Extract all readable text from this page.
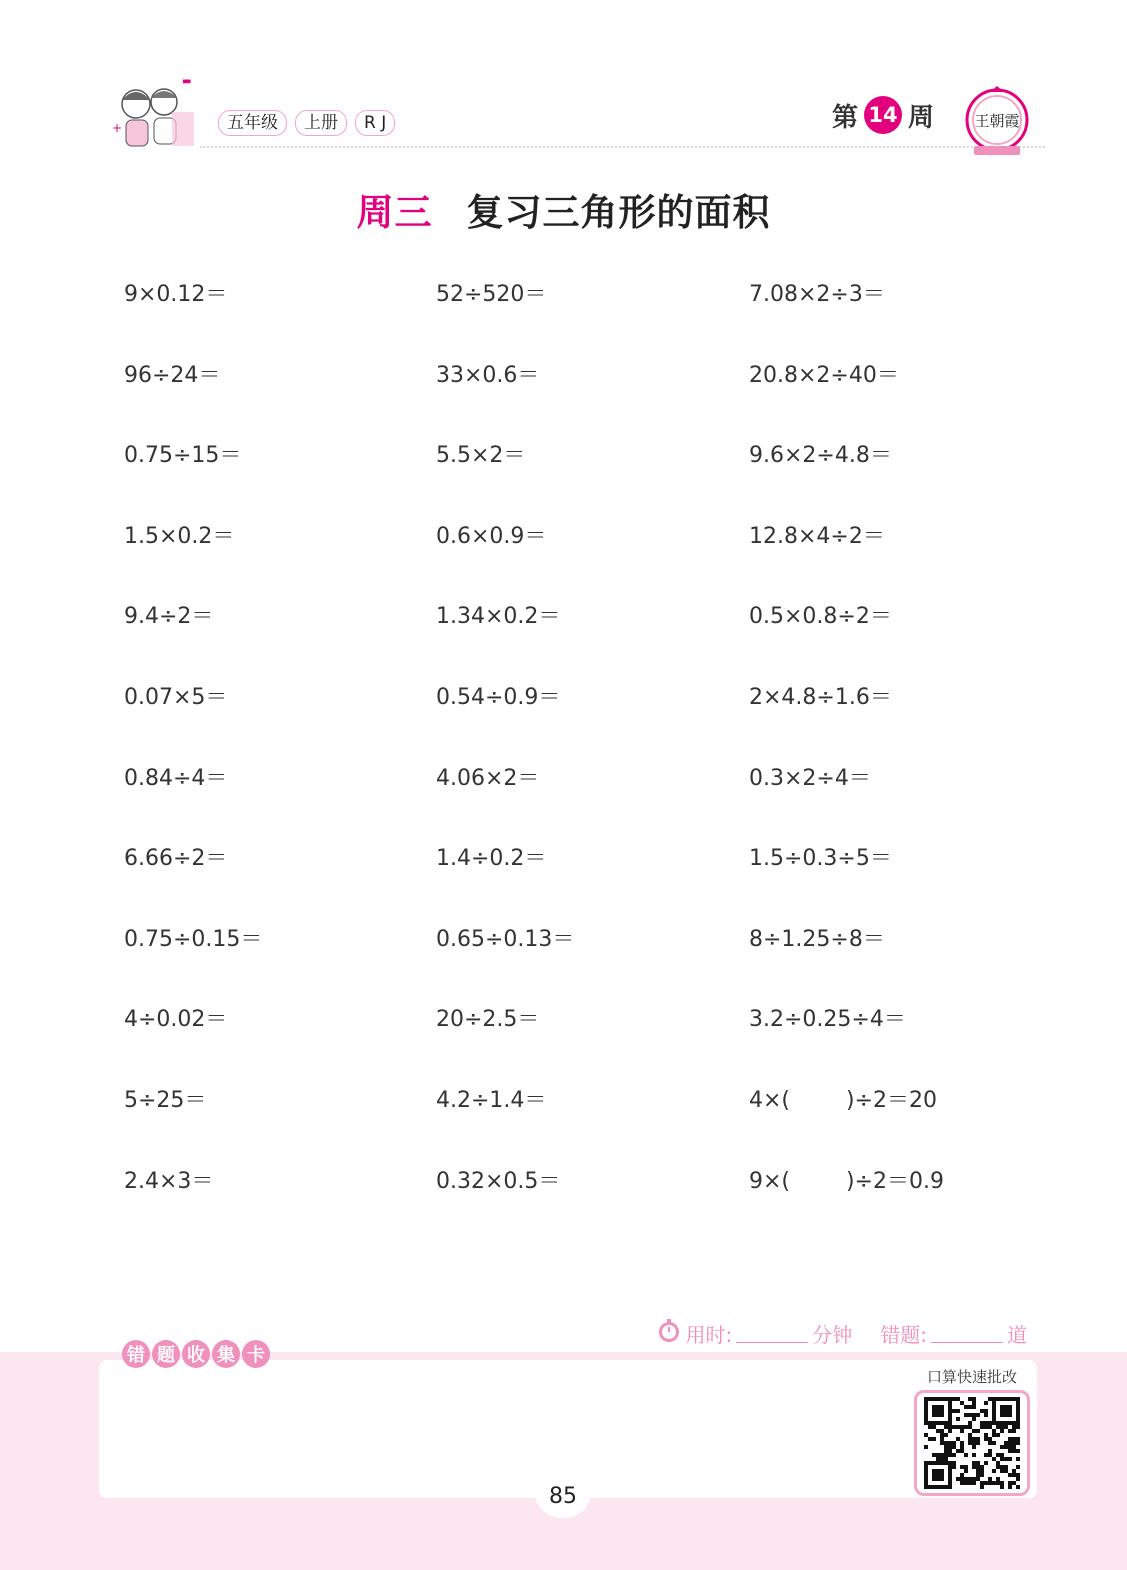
▬
+	五年级	上册	R J	第 14 周	王朝霞
周三 复习三角形的面积
9×0.12＝	52÷520＝	7.08×2÷3＝
96÷24＝	33×0.6＝	20.8×2÷40＝
0.75÷15＝	5.5×2＝	9.6×2÷4.8＝
1.5×0.2＝	0.6×0.9＝	12.8×4÷2＝
9.4÷2＝	1.34×0.2＝	0.5×0.8÷2＝
0.07×5＝	0.54÷0.9＝	2×4.8÷1.6＝
0.84÷4＝	4.06×2＝	0.3×2÷4＝
6.66÷2＝	1.4÷0.2＝	1.5÷0.3÷5＝
0.75÷0.15＝	0.65÷0.13＝	8÷1.25÷8＝
4÷0.02＝	20÷2.5＝	3.2÷0.25÷4＝
5÷25＝	4.2÷1.4＝	4×(        )÷2＝20
2.4×3＝	0.32×0.5＝	9×(        )÷2＝0.9
用时:	分钟 错题:	道
错 题 收 集 卡
口算快速批改
85
